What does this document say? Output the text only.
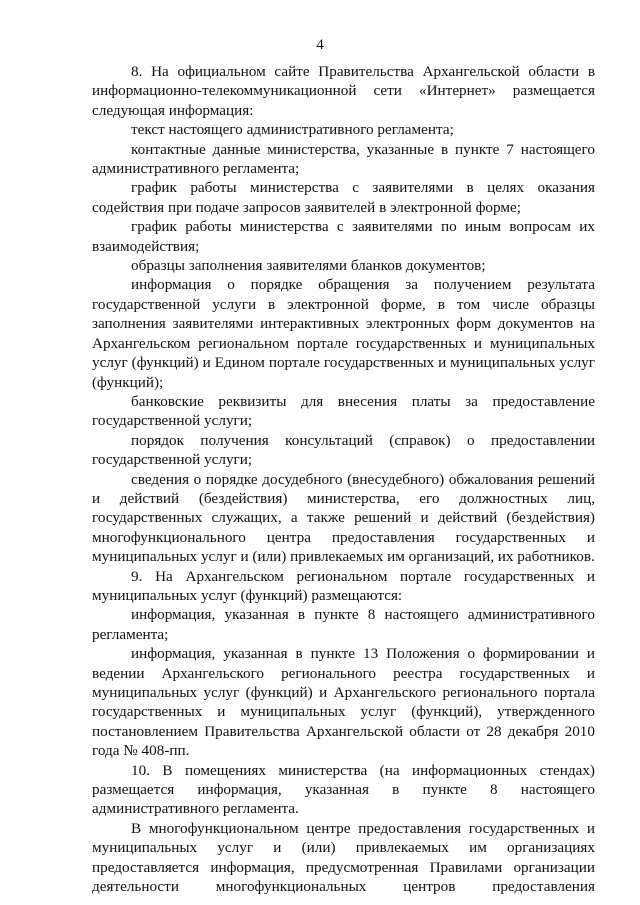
4

8. На официальном сайте Правительства Архангельской области в информационно-телекоммуникационной сети «Интернет» размещается следующая информация:

текст настоящего административного регламента;

контактные данные министерства, указанные в пункте 7 настоящего административного регламента;

график работы министерства с заявителями в целях оказания содействия при подаче запросов заявителей в электронной форме;

график работы министерства с заявителями по иным вопросам их взаимодействия;

образцы заполнения заявителями бланков документов;

информация о порядке обращения за получением результата государственной услуги в электронной форме, в том числе образцы заполнения заявителями интерактивных электронных форм документов на Архангельском региональном портале государственных и муниципальных услуг (функций) и Едином портале государственных и муниципальных услуг (функций);

банковские реквизиты для внесения платы за предоставление государственной услуги;

порядок получения консультаций (справок) о предоставлении государственной услуги;

сведения о порядке досудебного (внесудебного) обжалования решений и действий (бездействия) министерства, его должностных лиц, государственных служащих, а также решений и действий (бездействия) многофункционального центра предоставления государственных и муниципальных услуг и (или) привлекаемых им организаций, их работников.

9. На Архангельском региональном портале государственных и муниципальных услуг (функций) размещаются:

информация, указанная в пункте 8 настоящего административного регламента;

информация, указанная в пункте 13 Положения о формировании и ведении Архангельского регионального реестра государственных и муниципальных услуг (функций) и Архангельского регионального портала государственных и муниципальных услуг (функций), утвержденного постановлением Правительства Архангельской области от 28 декабря 2010 года № 408-пп.

10. В помещениях министерства (на информационных стендах) размещается информация, указанная в пункте 8 настоящего административного регламента.

В многофункциональном центре предоставления государственных и муниципальных услуг и (или) привлекаемых им организациях предоставляется информация, предусмотренная Правилами организации деятельности многофункциональных центров предоставления
